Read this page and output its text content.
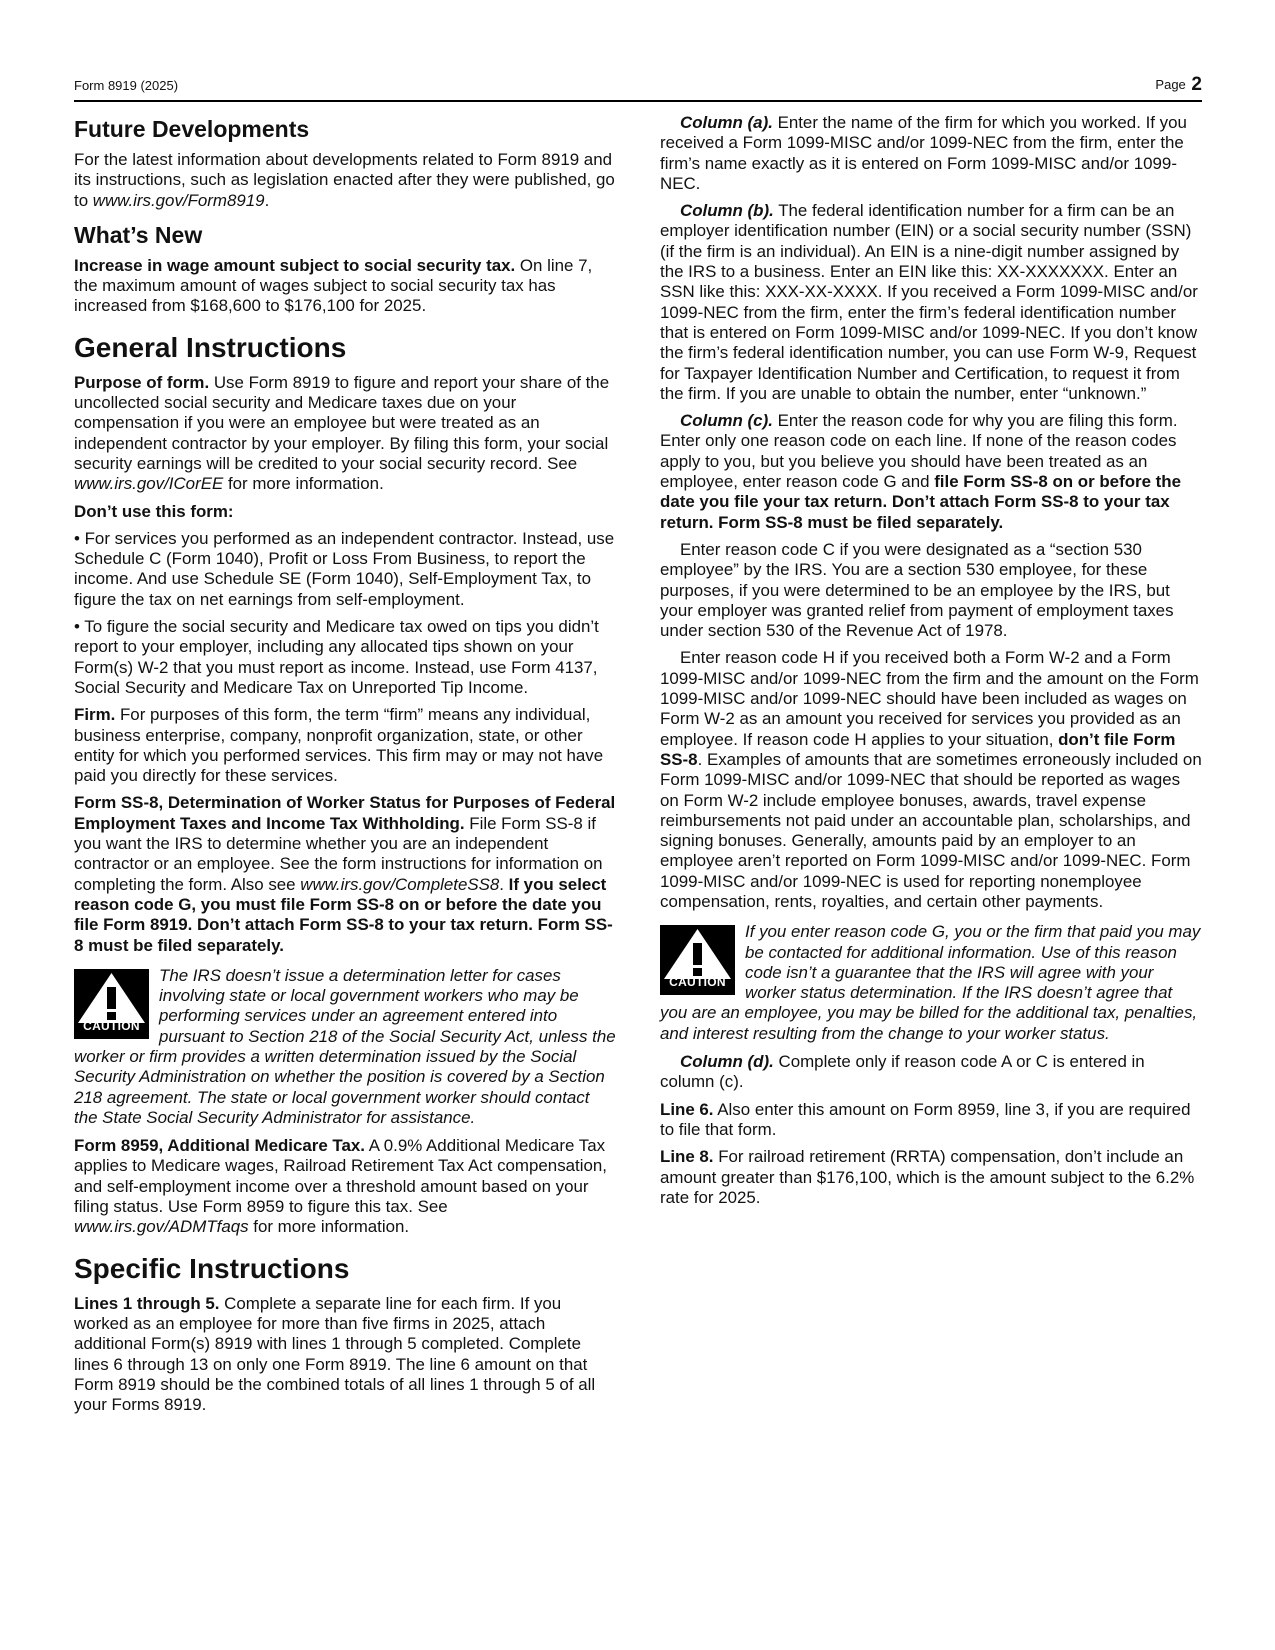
Form 8919 (2025)	Page 2
Future Developments

For the latest information about developments related to Form 8919 and its instructions, such as legislation enacted after they were published, go to www.irs.gov/Form8919.

What’s New

Increase in wage amount subject to social security tax. On line 7, the maximum amount of wages subject to social security tax has increased from $168,600 to $176,100 for 2025.

General Instructions

Purpose of form. Use Form 8919 to figure and report your share of the uncollected social security and Medicare taxes due on your compensation if you were an employee but were treated as an independent contractor by your employer. By filing this form, your social security earnings will be credited to your social security record. See www.irs.gov/ICorEE for more information.

Don’t use this form:

• For services you performed as an independent contractor. Instead, use Schedule C (Form 1040), Profit or Loss From Business, to report the income. And use Schedule SE (Form 1040), Self-Employment Tax, to figure the tax on net earnings from self-employment.

• To figure the social security and Medicare tax owed on tips you didn’t report to your employer, including any allocated tips shown on your Form(s) W-2 that you must report as income. Instead, use Form 4137, Social Security and Medicare Tax on Unreported Tip Income.

Firm. For purposes of this form, the term “firm” means any individual, business enterprise, company, nonprofit organization, state, or other entity for which you performed services. This firm may or may not have paid you directly for these services.

Form SS-8, Determination of Worker Status for Purposes of Federal Employment Taxes and Income Tax Withholding. File Form SS-8 if you want the IRS to determine whether you are an independent contractor or an employee. See the form instructions for information on completing the form. Also see www.irs.gov/CompleteSS8. If you select reason code G, you must file Form SS-8 on or before the date you file Form 8919. Don’t attach Form SS-8 to your tax return. Form SS-8 must be filed separately.

CAUTION
The IRS doesn’t issue a determination letter for cases involving state or local government workers who may be performing services under an agreement entered into pursuant to Section 218 of the Social Security Act, unless the worker or firm provides a written determination issued by the Social Security Administration on whether the position is covered by a Section 218 agreement. The state or local government worker should contact the State Social Security Administrator for assistance.

Form 8959, Additional Medicare Tax. A 0.9% Additional Medicare Tax applies to Medicare wages, Railroad Retirement Tax Act compensation, and self-employment income over a threshold amount based on your filing status. Use Form 8959 to figure this tax. See www.irs.gov/ADMTfaqs for more information.

Specific Instructions

Lines 1 through 5. Complete a separate line for each firm. If you worked as an employee for more than five firms in 2025, attach additional Form(s) 8919 with lines 1 through 5 completed. Complete lines 6 through 13 on only one Form 8919. The line 6 amount on that Form 8919 should be the combined totals of all lines 1 through 5 of all your Forms 8919.

Column (a). Enter the name of the firm for which you worked. If you received a Form 1099-MISC and/or 1099-NEC from the firm, enter the firm’s name exactly as it is entered on Form 1099-MISC and/or 1099-NEC.

Column (b). The federal identification number for a firm can be an employer identification number (EIN) or a social security number (SSN) (if the firm is an individual). An EIN is a nine-digit number assigned by the IRS to a business. Enter an EIN like this: XX-XXXXXXX. Enter an SSN like this: XXX-XX-XXXX. If you received a Form 1099-MISC and/or 1099-NEC from the firm, enter the firm’s federal identification number that is entered on Form 1099-MISC and/or 1099-NEC. If you don’t know the firm’s federal identification number, you can use Form W-9, Request for Taxpayer Identification Number and Certification, to request it from the firm. If you are unable to obtain the number, enter “unknown.”

Column (c). Enter the reason code for why you are filing this form. Enter only one reason code on each line. If none of the reason codes apply to you, but you believe you should have been treated as an employee, enter reason code G and file Form SS-8 on or before the date you file your tax return. Don’t attach Form SS-8 to your tax return. Form SS-8 must be filed separately.

Enter reason code C if you were designated as a “section 530 employee” by the IRS. You are a section 530 employee, for these purposes, if you were determined to be an employee by the IRS, but your employer was granted relief from payment of employment taxes under section 530 of the Revenue Act of 1978.

Enter reason code H if you received both a Form W-2 and a Form 1099-MISC and/or 1099-NEC from the firm and the amount on the Form 1099-MISC and/or 1099-NEC should have been included as wages on Form W-2 as an amount you received for services you provided as an employee. If reason code H applies to your situation, don’t file Form SS-8. Examples of amounts that are sometimes erroneously included on Form 1099-MISC and/or 1099-NEC that should be reported as wages on Form W-2 include employee bonuses, awards, travel expense reimbursements not paid under an accountable plan, scholarships, and signing bonuses. Generally, amounts paid by an employer to an employee aren’t reported on Form 1099-MISC and/or 1099-NEC. Form 1099-MISC and/or 1099-NEC is used for reporting nonemployee compensation, rents, royalties, and certain other payments.

CAUTION
If you enter reason code G, you or the firm that paid you may be contacted for additional information. Use of this reason code isn’t a guarantee that the IRS will agree with your worker status determination. If the IRS doesn’t agree that you are an employee, you may be billed for the additional tax, penalties, and interest resulting from the change to your worker status.

Column (d). Complete only if reason code A or C is entered in column (c).

Line 6. Also enter this amount on Form 8959, line 3, if you are required to file that form.

Line 8. For railroad retirement (RRTA) compensation, don’t include an amount greater than $176,100, which is the amount subject to the 6.2% rate for 2025.
